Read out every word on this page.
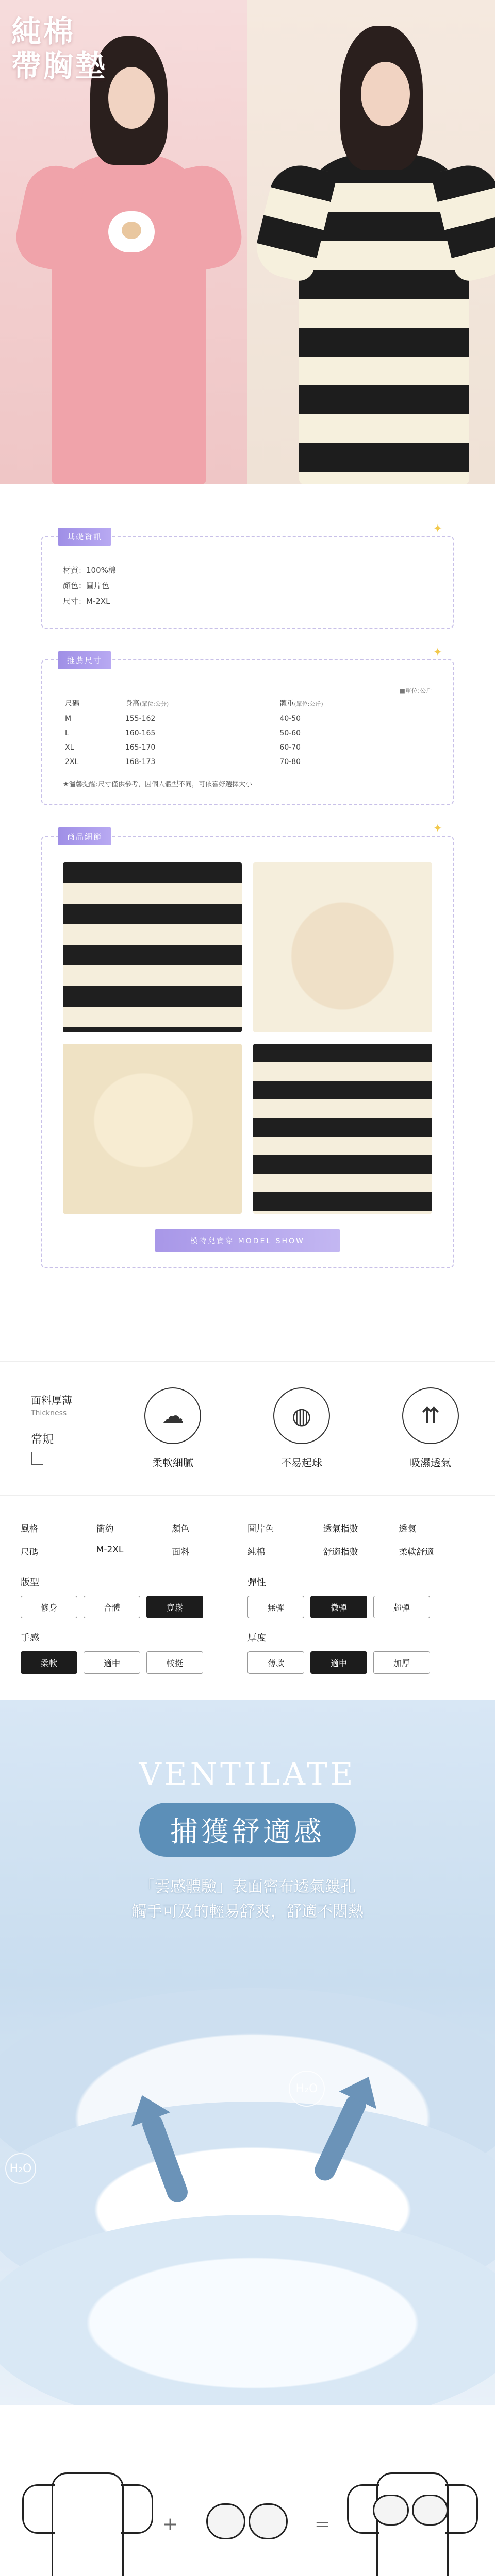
純棉
帶胸墊
基礎資訊
✦
材質：100%棉
顏色：圖片色
尺寸：M-2XL
推薦尺寸
✦
■單位:公斤
尺碼	身高(單位:公分)	體重(單位:公斤)
M	155-162	40-50
L	160-165	50-60
XL	165-170	60-70
2XL	168-173	70-80
★溫馨提醒:尺寸僅供參考，因個人體型不同，可依喜好選擇大小
商品細節
✦
模特兒實穿 MODEL SHOW
面料厚薄
Thickness
常規
☁
柔軟細膩
◍
不易起球
⇈
吸濕透氣
風格	簡約	顏色	圖片色	透氣指數	透氣
尺碼	M-2XL	面料	純棉	舒適指數	柔軟舒適
版型
修身	合體	寬鬆
彈性
無彈	微彈	超彈
手感
柔軟	適中	較挺
厚度
薄款	適中	加厚
VENTILATE
捕獲舒適感
「雲感體驗」表面密布透氣鏤孔
觸手可及的輕易舒爽，舒適不悶熱
H₂O
H₂O
+	=
